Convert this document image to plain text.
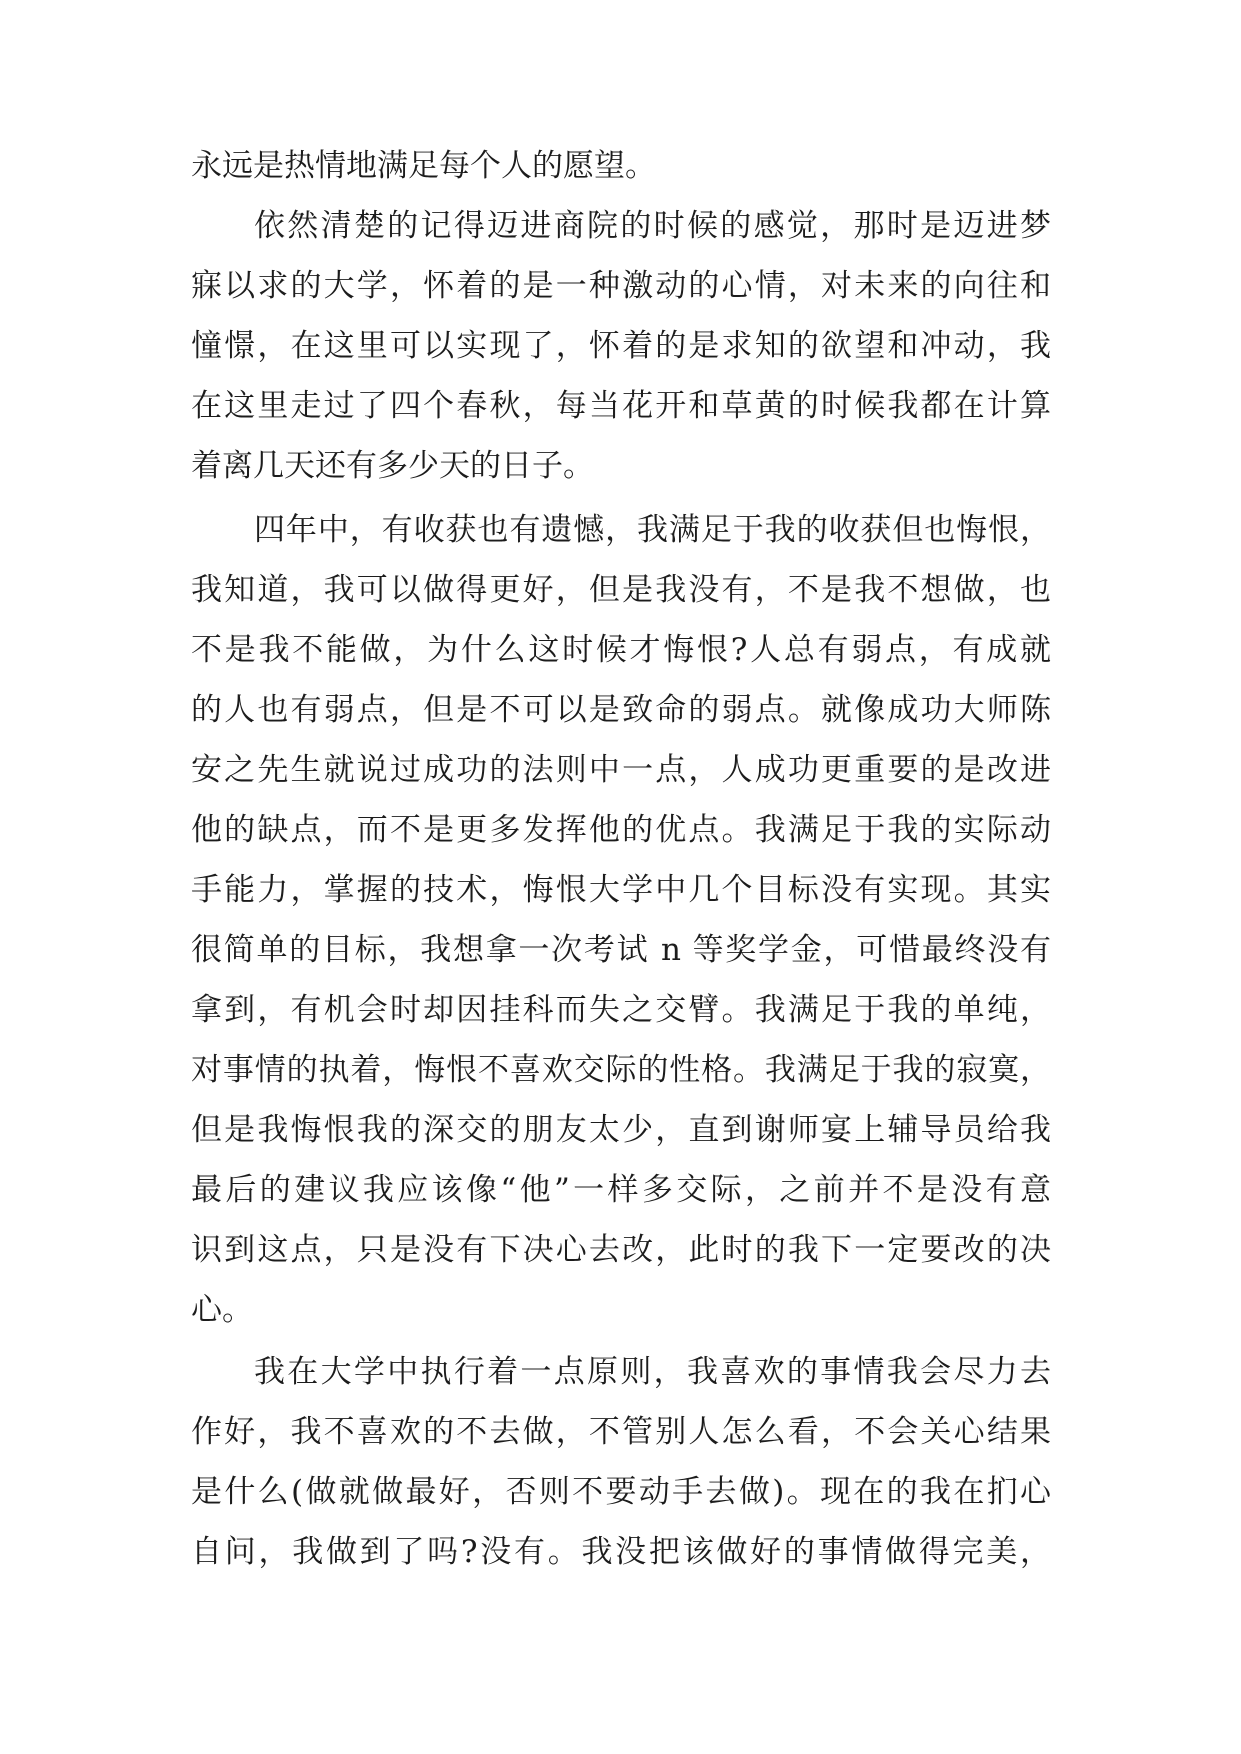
永远是热情地满足每个人的愿望。
依然清楚的记得迈进商院的时候的感觉，那时是迈进梦
寐以求的大学，怀着的是一种激动的心情，对未来的向往和
憧憬，在这里可以实现了，怀着的是求知的欲望和冲动，我
在这里走过了四个春秋，每当花开和草黄的时候我都在计算
着离几天还有多少天的日子。
四年中，有收获也有遗憾，我满足于我的收获但也悔恨，
我知道，我可以做得更好，但是我没有，不是我不想做，也
不是我不能做，为什么这时候才悔恨?人总有弱点，有成就
的人也有弱点，但是不可以是致命的弱点。就像成功大师陈
安之先生就说过成功的法则中一点，人成功更重要的是改进
他的缺点，而不是更多发挥他的优点。我满足于我的实际动
手能力，掌握的技术，悔恨大学中几个目标没有实现。其实
很简单的目标，我想拿一次考试 n 等奖学金，可惜最终没有
拿到，有机会时却因挂科而失之交臂。我满足于我的单纯，
对事情的执着，悔恨不喜欢交际的性格。我满足于我的寂寞，
但是我悔恨我的深交的朋友太少，直到谢师宴上辅导员给我
最后的建议我应该像“他”一样多交际，之前并不是没有意
识到这点，只是没有下决心去改，此时的我下一定要改的决
心。
我在大学中执行着一点原则，我喜欢的事情我会尽力去
作好，我不喜欢的不去做，不管别人怎么看，不会关心结果
是什么(做就做最好，否则不要动手去做)。现在的我在扪心
自问，我做到了吗?没有。我没把该做好的事情做得完美，
